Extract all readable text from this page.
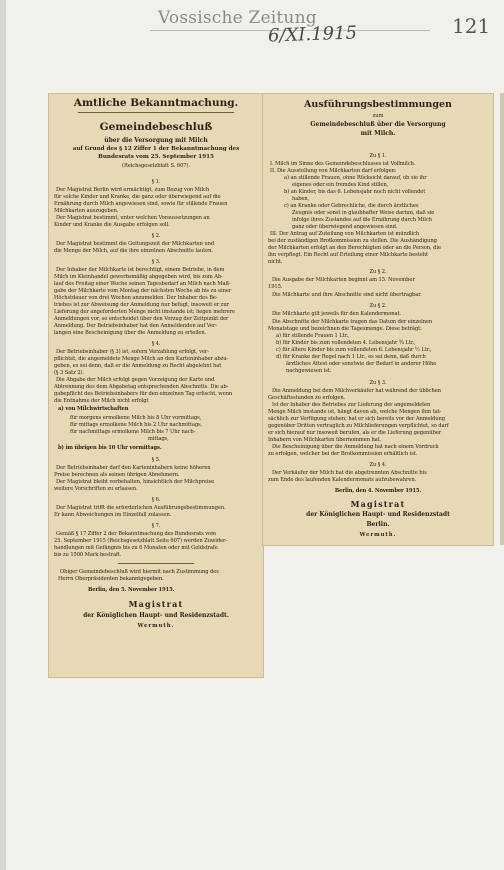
Vossische Zeitung
6/XI.1915	121
Amtliche Bekanntmachung.
Gemeindebeschluß
über die Versorgung mit Milch
auf Grund des § 12 Ziffer 1 der Bekanntmachung des
Bundesrats vom 25. September 1915
(Reichsgesetzblatt S. 607).
§ 1.
Der Magistrat Berlin wird ermächtigt, zum Bezug von Milch
für solche Kinder und Kranke, die ganz oder überwiegend auf die
Ernährung durch Milch angewiesen sind, sowie für stillende Frauen
Milchkarten auszugeben.
Der Magistrat bestimmt, unter welchen Voraussetzungen an
Kinder und Kranke die Ausgabe erfolgen soll.
§ 2.
Der Magistrat bestimmt die Geltungszeit der Milchkarten und
die Menge der Milch, auf die ihre einzelnen Abschnitte lauten.
§ 3.
Der Inhaber der Milchkarte ist berechtigt, einem Betriebe, in dem
Milch im Kleinhandel gewerbsmäßig abgegeben wird, bis zum Ab-
lauf des Freitag einer Woche seinen Tagesbedarf an Milch nach Maß-
gabe der Milchkarte vom Montag der nächsten Woche ab bis zu einer
Höchstdauer von drei Wochen anzumelden. Der Inhaber des Be-
triebes ist zur Abweisung der Anmeldung nur befugt, insoweit er zur
Lieferung der angeforderten Menge nicht imstande ist; liegen mehrere
Anmeldungen vor, so entscheidet über den Vorzug der Zeitpunkt der
Anmeldung. Der Betriebsinhaber hat den Anmeldenden auf Ver-
langen eine Bescheinigung über die Anmeldung zu erteilen.
§ 4.
Der Betriebsinhaber (§ 3) ist, sofern Verzahlung erfolgt, ver-
pflichtet, die angemeldete Menge Milch an den Karteninhaber abzu-
geben, es sei denn, daß er die Anmeldung zu Recht abgelehnt hat
(§ 3 Satz 2).
Die Abgabe der Milch erfolgt gegen Vorzeigung der Karte und
Abtrennung des dem Abgabetag entsprechenden Abschnitts. Die ab-
gabepflicht des Betriebsinhabers für den einzelnen Tag erlischt, wenn
die Entnahme der Milch nicht erfolgt
a) von Milchwirtschaften
für morgens ermolkene Milch bis 8 Uhr vormittags,
für mittags ermolkene Milch bis 2 Uhr nachmittags,
für nachmittags ermolkene Milch bis 7 Uhr nach-
mittags,
b) im übrigen bis 10 Uhr vormittags.
§ 5.
Der Betriebsinhaber darf den Karteninhabern keine höheren
Preise berechnen als seinen übrigen Abnehmern.
Der Magistrat bleibt vorbehalten, hinsichtlich der Milchpreise
weitere Vorschriften zu erlassen.
§ 6.
Der Magistrat trifft die erforderlichen Ausführungsbestimmungen.
Er kann Abweichungen im Einzelfall zulassen.
§ 7.
Gemäß § 17 Ziffer 2 der Bekanntmachung des Bundesrats vom
25. September 1915 (Reichsgesetzblatt Seite 607) werden Zuwider-
handlungen mit Gefängnis bis zu 6 Monaten oder mit Geldstrafe
bis zu 1500 Mark bestraft.
Obiger Gemeindebeschluß wird hiermit nach Zustimmung des
Herrn Oberpräsidenten bekanntgegeben.
Berlin, den 5. November 1915.
Magistrat
der Königlichen Haupt- und Residenzstadt.
Wermuth.
Ausführungsbestimmungen
zum
Gemeindebeschluß über die Versorgung
mit Milch.
Zu § 1.
I. Milch im Sinne des Gemeindebeschlusses ist Vollmilch.
II. Die Ausstellung von Milchkarten darf erfolgen:
a) an stillende Frauen, ohne Rücksicht darauf, ob sie ihr
eigenes oder ein fremdes Kind stillen,
b) an Kinder, bis das 6. Lebensjahr noch nicht vollendet
haben,
c) an Kranke oder Gebrechliche, die durch ärztliches
Zeugnis oder sonst in glaubhafter Weise dartun, daß sie
infolge ihres Zustandes auf die Ernährung durch Milch
ganz oder überwiegend angewiesen sind.
III. Der Antrag auf Zuteilung von Milchkarten ist mündlich
bei der zuständigen Brotkommission zu stellen. Die Aushändigung
der Milchkarten erfolgt an den Berechtigten oder an die Person, die
ihn verpflegt. Ein Recht auf Erteilung einer Milchkarte besteht
nicht.
Zu § 2.
Die Ausgabe der Milchkarten beginnt am 15. November
1915.
Die Milchkarte und ihre Abschnitte sind nicht übertragbar.
Zu § 2.
Die Milchkarte gilt jeweils für den Kalendermonat.
Die Abschnitte der Milchkarte tragen das Datum der einzelnen
Monatstage und bezeichnen die Tagesmenge. Diese beträgt:
a) für stillende Frauen 1 Ltr.,
b) für Kinder bis zum vollendeten 4. Lebensjahr ¾ Ltr.,
c) für ältere Kinder bis zum vollendeten 6. Lebensjahr ½ Ltr.,
d) für Kranke der Regel nach 1 Ltr., es sei denn, daß durch
ärztliches Attest oder sonstwie der Bedarf in anderer Höhe
nachgewiesen ist.
Zu § 3.
Die Anmeldung bei dem Milchverkäufer hat während der üblichen
Geschäftsstunden zu erfolgen.
Ist der Inhaber des Betriebes zur Lieferung der angemeldeten
Menge Milch imstande ist, hängt davon ab, welche Mengen ihm tat-
sächlich zur Verfügung stehen; hat er sich bereits vor der Anmeldung
gegenüber Dritten vertraglich zu Milchlieferungen verpflichtet, so darf
er sich hierauf nur insoweit berufen, als er die Lieferung gegenüber
Inhabern von Milchkarten übernommen hat.
Die Bescheinigung über die Anmeldung hat nach einem Vordruck
zu erfolgen, welcher bei der Brotkommission erhältlich ist.
Zu § 4.
Der Verkäufer der Milch hat die abgetrennten Abschnitte bis
zum Ende des laufenden Kalendermonats aufzubewahren.
Berlin, den 4. November 1915.
Magistrat
der Königlichen Haupt- und Residenzstadt
Berlin.
Wermuth.
